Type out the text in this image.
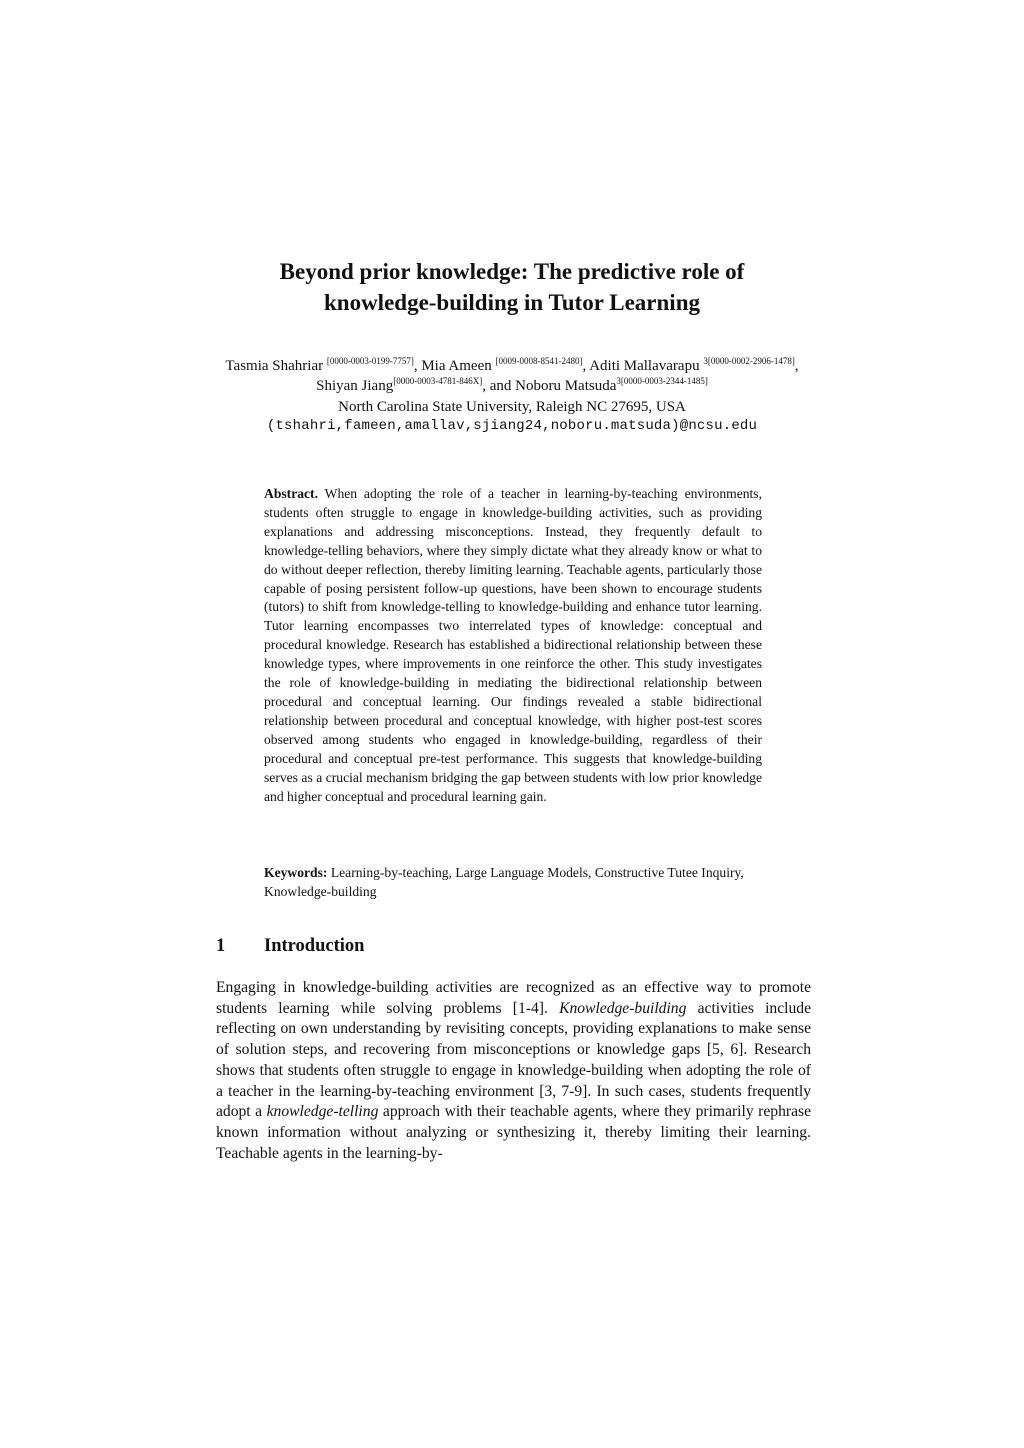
Beyond prior knowledge: The predictive role of
knowledge-building in Tutor Learning
Tasmia Shahriar [0000-0003-0199-7757], Mia Ameen [0009-0008-8541-2480], Aditi Mallavarapu $^{3[0000-0002-2906-1478]}$, Shiyan Jiang[0000-0003-4781-846X], and Noboru Matsuda$^{3[0000-0003-2344-1485]}$
North Carolina State University, Raleigh NC 27695, USA
(tshahri,fameen,amallav,sjiang24,noboru.matsuda)@ncsu.edu
Abstract. When adopting the role of a teacher in learning-by-teaching environments, students often struggle to engage in knowledge-building activities, such as providing explanations and addressing misconceptions. Instead, they frequently default to knowledge-telling behaviors, where they simply dictate what they already know or what to do without deeper reflection, thereby limiting learning. Teachable agents, particularly those capable of posing persistent follow-up questions, have been shown to encourage students (tutors) to shift from knowledge-telling to knowledge-building and enhance tutor learning. Tutor learning encompasses two interrelated types of knowledge: conceptual and procedural knowledge. Research has established a bidirectional relationship between these knowledge types, where improvements in one reinforce the other. This study investigates the role of knowledge-building in mediating the bidirectional relationship between procedural and conceptual learning. Our findings revealed a stable bidirectional relationship between procedural and conceptual knowledge, with higher post-test scores observed among students who engaged in knowledge-building, regardless of their procedural and conceptual pre-test performance. This suggests that knowledge-building serves as a crucial mechanism bridging the gap between students with low prior knowledge and higher conceptual and procedural learning gain.
Keywords: Learning-by-teaching, Large Language Models, Constructive Tutee Inquiry, Knowledge-building
1 Introduction
Engaging in knowledge-building activities are recognized as an effective way to promote students learning while solving problems [1-4]. Knowledge-building activities include reflecting on own understanding by revisiting concepts, providing explanations to make sense of solution steps, and recovering from misconceptions or knowledge gaps [5, 6]. Research shows that students often struggle to engage in knowledge-building when adopting the role of a teacher in the learning-by-teaching environment [3, 7-9]. In such cases, students frequently adopt a knowledge-telling approach with their teachable agents, where they primarily rephrase known information without analyzing or synthesizing it, thereby limiting their learning. Teachable agents in the learning-by-
